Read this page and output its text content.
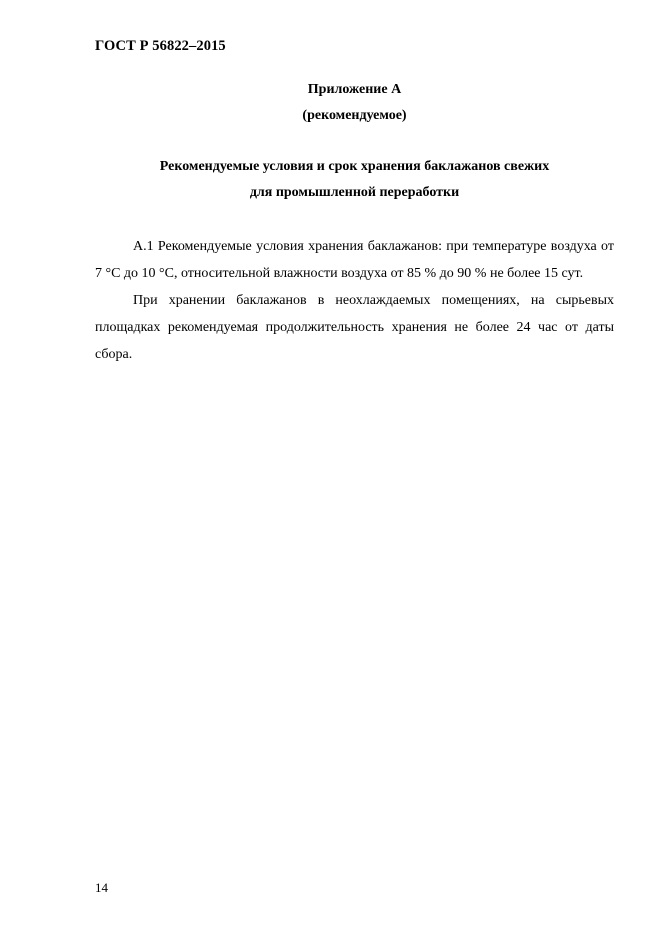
ГОСТ Р 56822–2015
Приложение А
(рекомендуемое)
Рекомендуемые условия и срок хранения баклажанов свежих
для промышленной переработки

А.1 Рекомендуемые условия хранения баклажанов: при температуре воздуха от 7 °С до 10 °С, относительной влажности воздуха от 85 % до 90 % не более 15 сут.

При хранении баклажанов в неохлаждаемых помещениях, на сырьевых площадках рекомендуемая продолжительность хранения не более 24 час от даты сбора.

14
